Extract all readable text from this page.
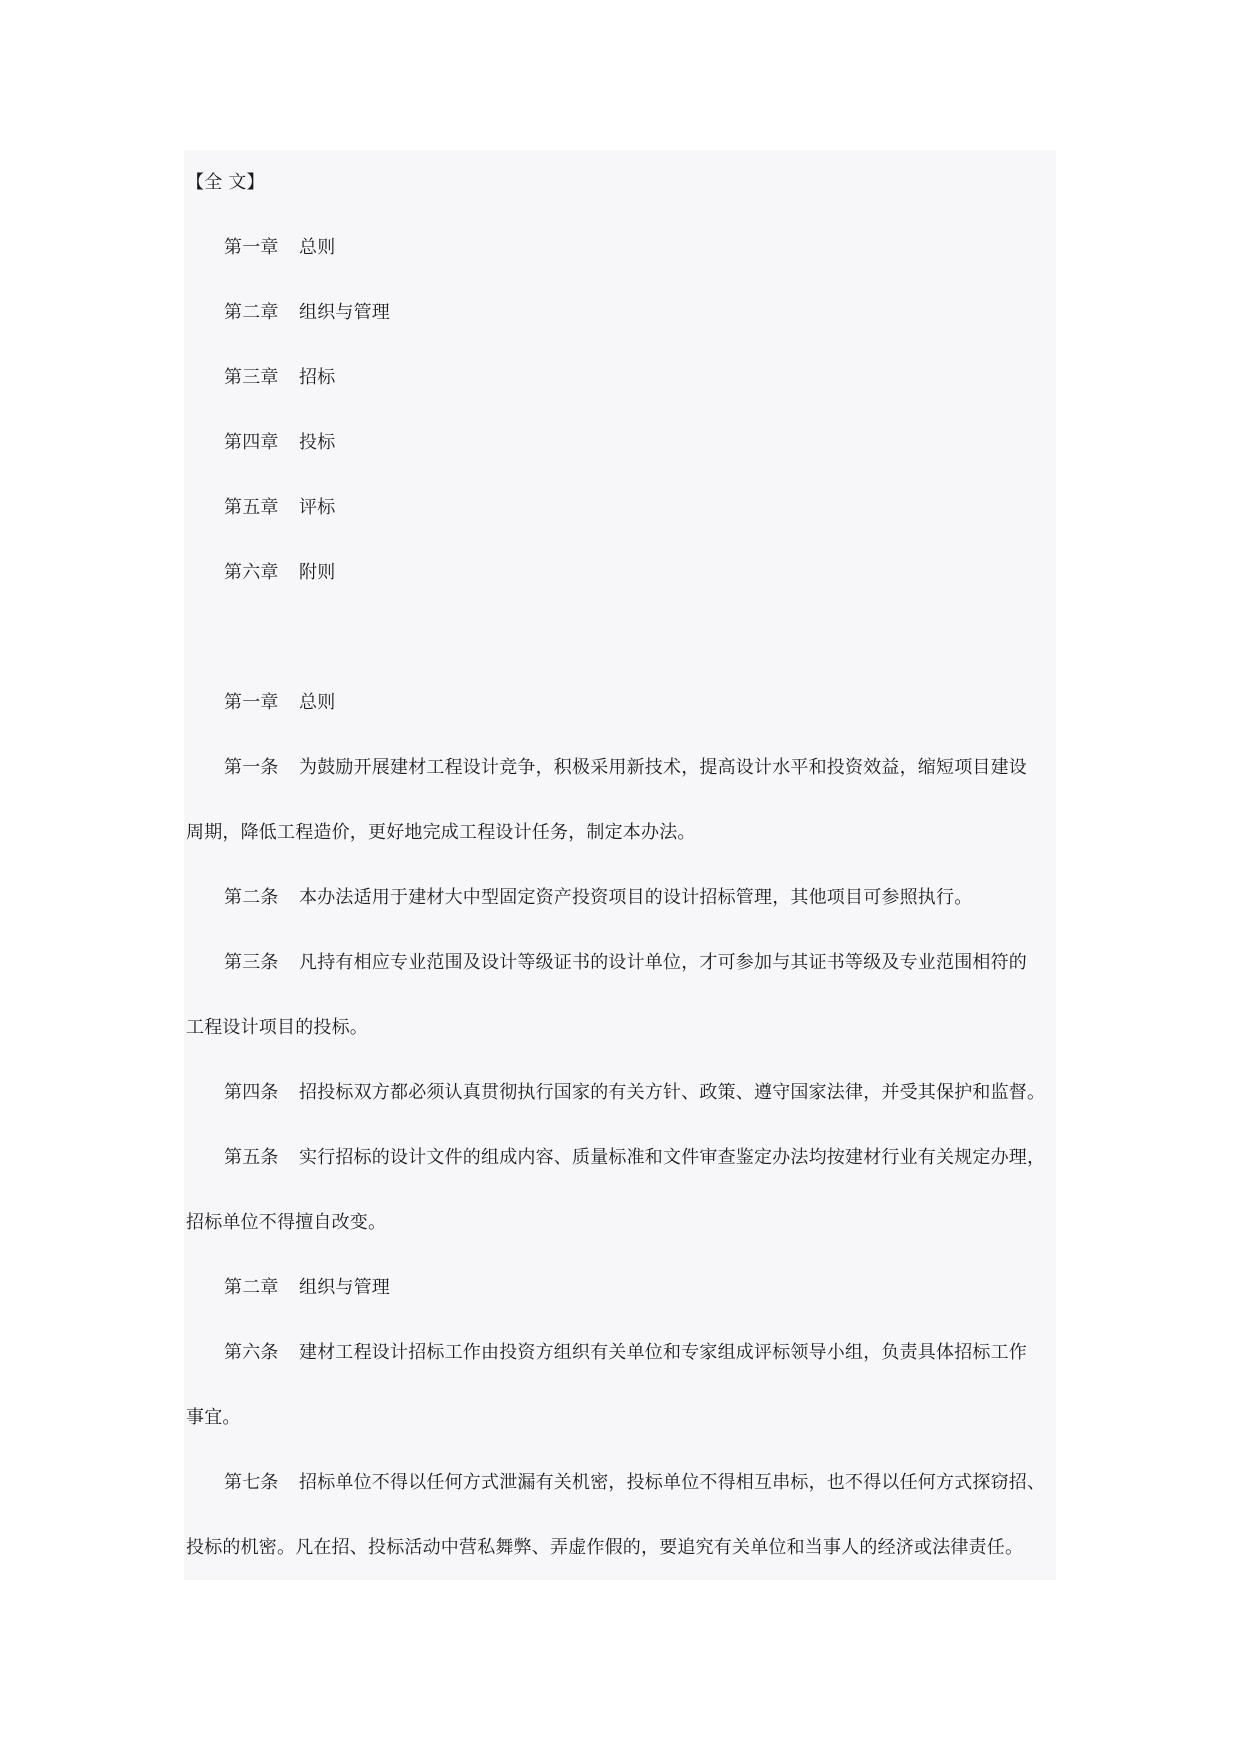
【全 文】
第一章 总则
第二章 组织与管理
第三章 招标
第四章 投标
第五章 评标
第六章 附则
第一章 总则
第一条 为鼓励开展建材工程设计竞争，积极采用新技术，提高设计水平和投资效益，缩短项目建设
周期，降低工程造价，更好地完成工程设计任务，制定本办法。
第二条 本办法适用于建材大中型固定资产投资项目的设计招标管理，其他项目可参照执行。
第三条 凡持有相应专业范围及设计等级证书的设计单位，才可参加与其证书等级及专业范围相符的
工程设计项目的投标。
第四条 招投标双方都必须认真贯彻执行国家的有关方针、政策、遵守国家法律，并受其保护和监督。
第五条 实行招标的设计文件的组成内容、质量标准和文件审查鉴定办法均按建材行业有关规定办理，
招标单位不得擅自改变。
第二章 组织与管理
第六条 建材工程设计招标工作由投资方组织有关单位和专家组成评标领导小组，负责具体招标工作
事宜。
第七条 招标单位不得以任何方式泄漏有关机密，投标单位不得相互串标，也不得以任何方式探窃招、
投标的机密。凡在招、投标活动中营私舞弊、弄虚作假的，要追究有关单位和当事人的经济或法律责任。
